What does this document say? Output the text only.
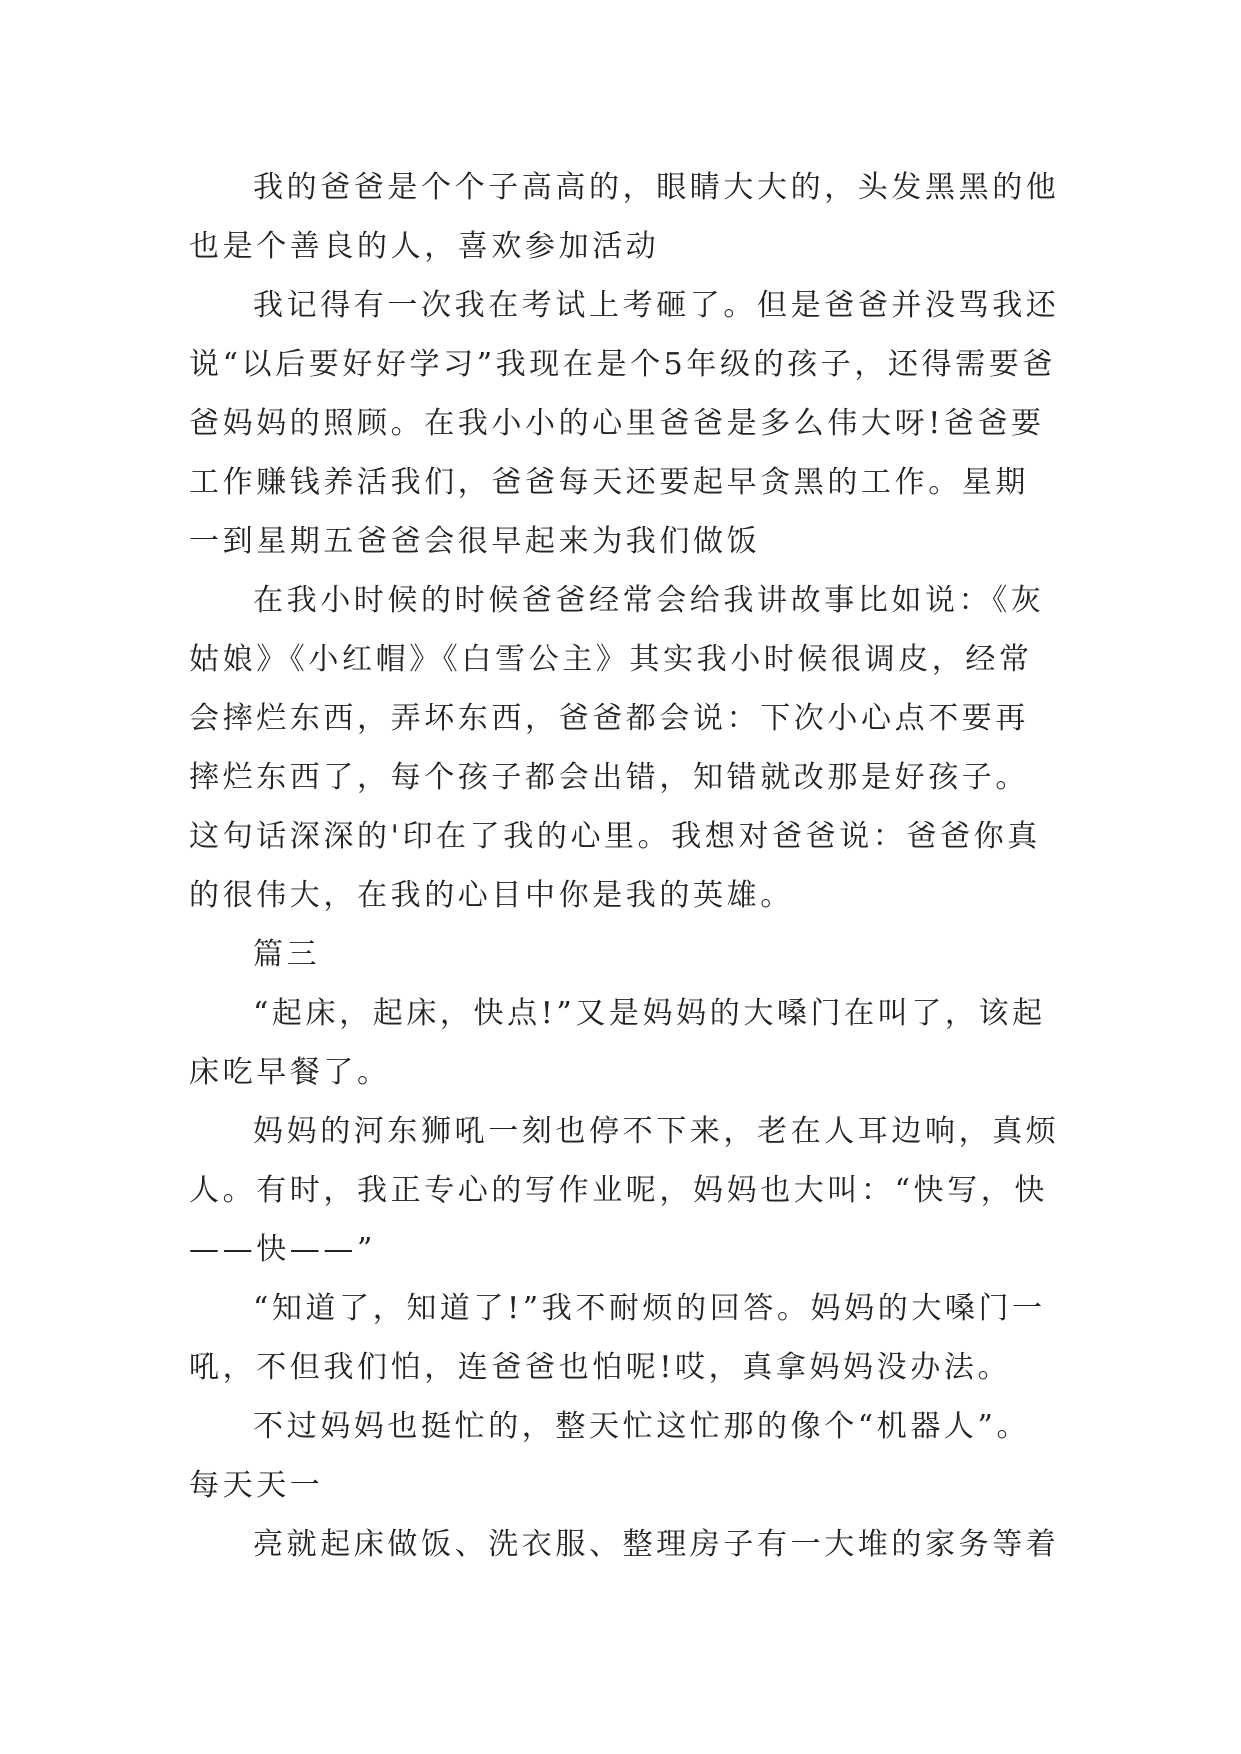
我的爸爸是个个子高高的，眼睛大大的，头发黑黑的他也是个善良的人，喜欢参加活动

我记得有一次我在考试上考砸了。但是爸爸并没骂我还说“以后要好好学习”我现在是个5年级的孩子，还得需要爸爸妈妈的照顾。在我小小的心里爸爸是多么伟大呀!爸爸要工作赚钱养活我们，爸爸每天还要起早贪黑的工作。星期一到星期五爸爸会很早起来为我们做饭

在我小时候的时候爸爸经常会给我讲故事比如说：《灰姑娘》《小红帽》《白雪公主》其实我小时候很调皮，经常会摔烂东西，弄坏东西，爸爸都会说：下次小心点不要再摔烂东西了，每个孩子都会出错，知错就改那是好孩子。这句话深深的'印在了我的心里。我想对爸爸说：爸爸你真的很伟大，在我的心目中你是我的英雄。

篇三

“起床，起床，快点!”又是妈妈的大嗓门在叫了，该起床吃早餐了。

妈妈的河东狮吼一刻也停不下来，老在人耳边响，真烦人。有时，我正专心的写作业呢，妈妈也大叫：“快写，快——快——”

“知道了，知道了!”我不耐烦的回答。妈妈的大嗓门一吼，不但我们怕，连爸爸也怕呢!哎，真拿妈妈没办法。

不过妈妈也挺忙的，整天忙这忙那的像个“机器人”。每天天一

亮就起床做饭、洗衣服、整理房子有一大堆的家务等着
